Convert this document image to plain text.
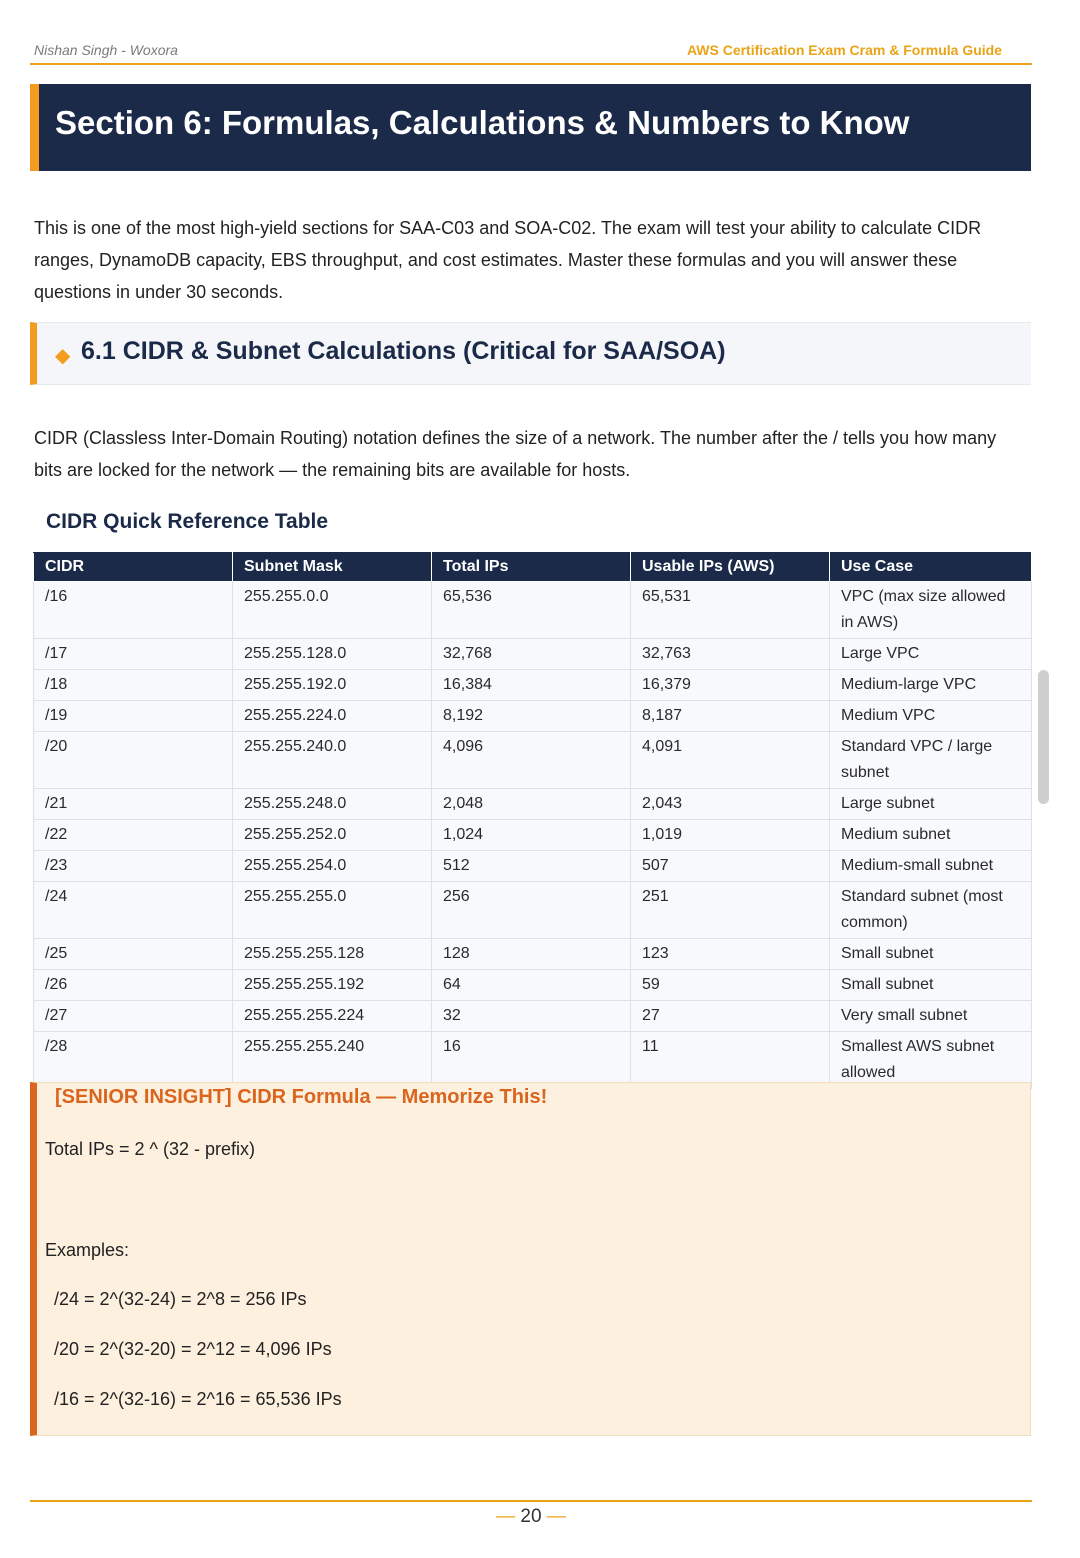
Nishan Singh - Woxora	AWS Certification Exam Cram & Formula Guide
Section 6: Formulas, Calculations & Numbers to Know
This is one of the most high-yield sections for SAA-C03 and SOA-C02. The exam will test your ability to calculate CIDR ranges, DynamoDB capacity, EBS throughput, and cost estimates. Master these formulas and you will answer these questions in under 30 seconds.
◆ 6.1 CIDR & Subnet Calculations (Critical for SAA/SOA)
CIDR (Classless Inter-Domain Routing) notation defines the size of a network. The number after the / tells you how many bits are locked for the network — the remaining bits are available for hosts.
CIDR Quick Reference Table
CIDR	Subnet Mask	Total IPs	Usable IPs (AWS)	Use Case
/16	255.255.0.0	65,536	65,531	VPC (max size allowed in AWS)
/17	255.255.128.0	32,768	32,763	Large VPC
/18	255.255.192.0	16,384	16,379	Medium-large VPC
/19	255.255.224.0	8,192	8,187	Medium VPC
/20	255.255.240.0	4,096	4,091	Standard VPC / large subnet
/21	255.255.248.0	2,048	2,043	Large subnet
/22	255.255.252.0	1,024	1,019	Medium subnet
/23	255.255.254.0	512	507	Medium-small subnet
/24	255.255.255.0	256	251	Standard subnet (most common)
/25	255.255.255.128	128	123	Small subnet
/26	255.255.255.192	64	59	Small subnet
/27	255.255.255.224	32	27	Very small subnet
/28	255.255.255.240	16	11	Smallest AWS subnet allowed
[SENIOR INSIGHT] CIDR Formula — Memorize This!
Total IPs = 2 ^ (32 - prefix)
Examples:
/24 = 2^(32-24) = 2^8 = 256 IPs
/20 = 2^(32-20) = 2^12 = 4,096 IPs
/16 = 2^(32-16) = 2^16 = 65,536 IPs
— 20 —
